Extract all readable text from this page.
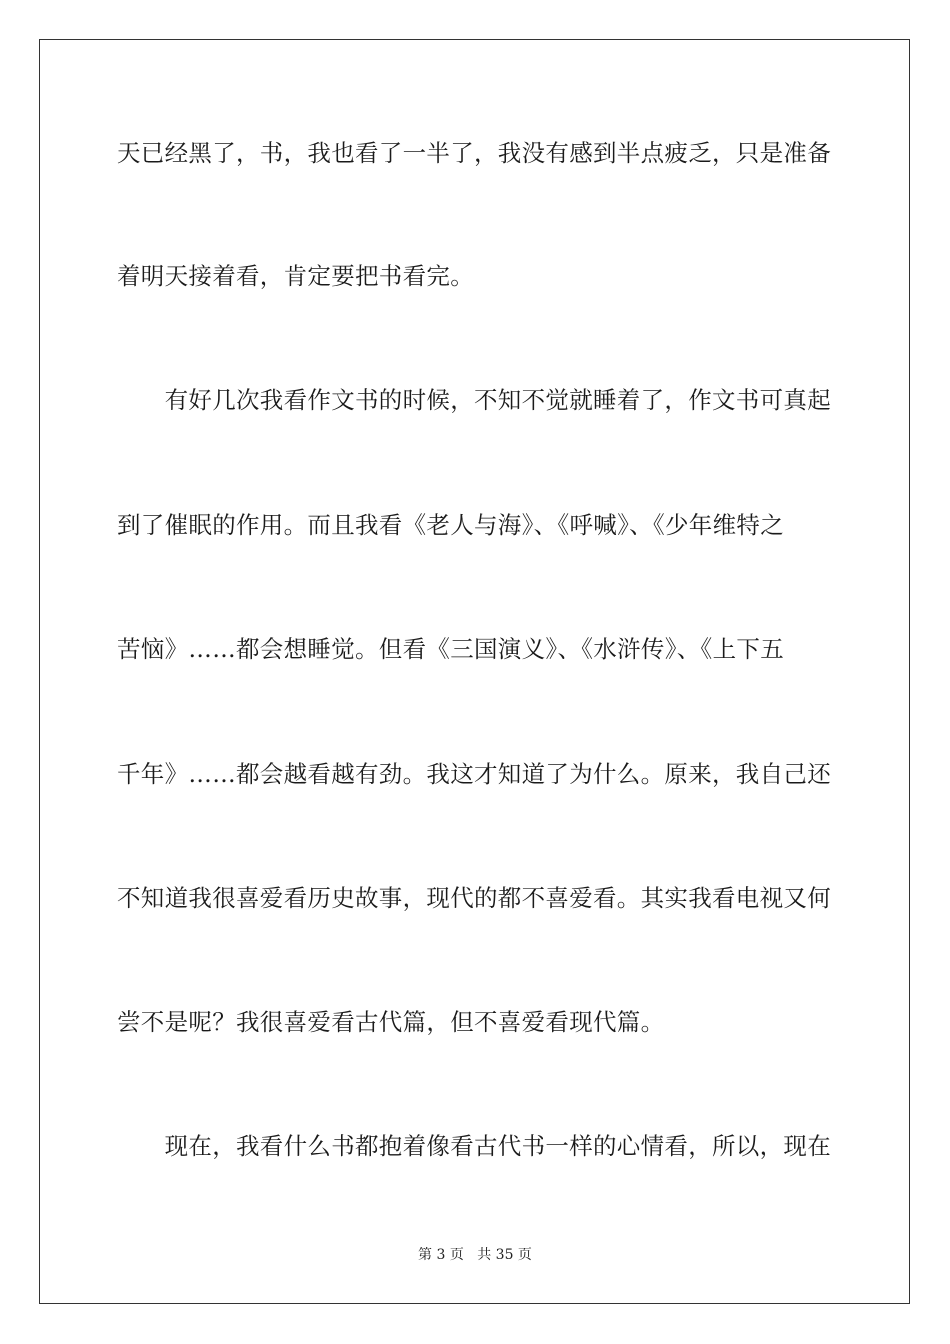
天已经黑了，书，我也看了一半了，我没有感到半点疲乏，只是准备
着明天接着看，肯定要把书看完。
　　有好几次我看作文书的时候，不知不觉就睡着了，作文书可真起
到了催眠的作用。而且我看《老人与海》、《呼喊》、《少年维特之
苦恼》……都会想睡觉。但看《三国演义》、《水浒传》、《上下五
千年》……都会越看越有劲。我这才知道了为什么。原来，我自己还
不知道我很喜爱看历史故事，现代的都不喜爱看。其实我看电视又何
尝不是呢？我很喜爱看古代篇，但不喜爱看现代篇。
　　现在，我看什么书都抱着像看古代书一样的心情看，所以，现在
第 3 页 共 35 页
